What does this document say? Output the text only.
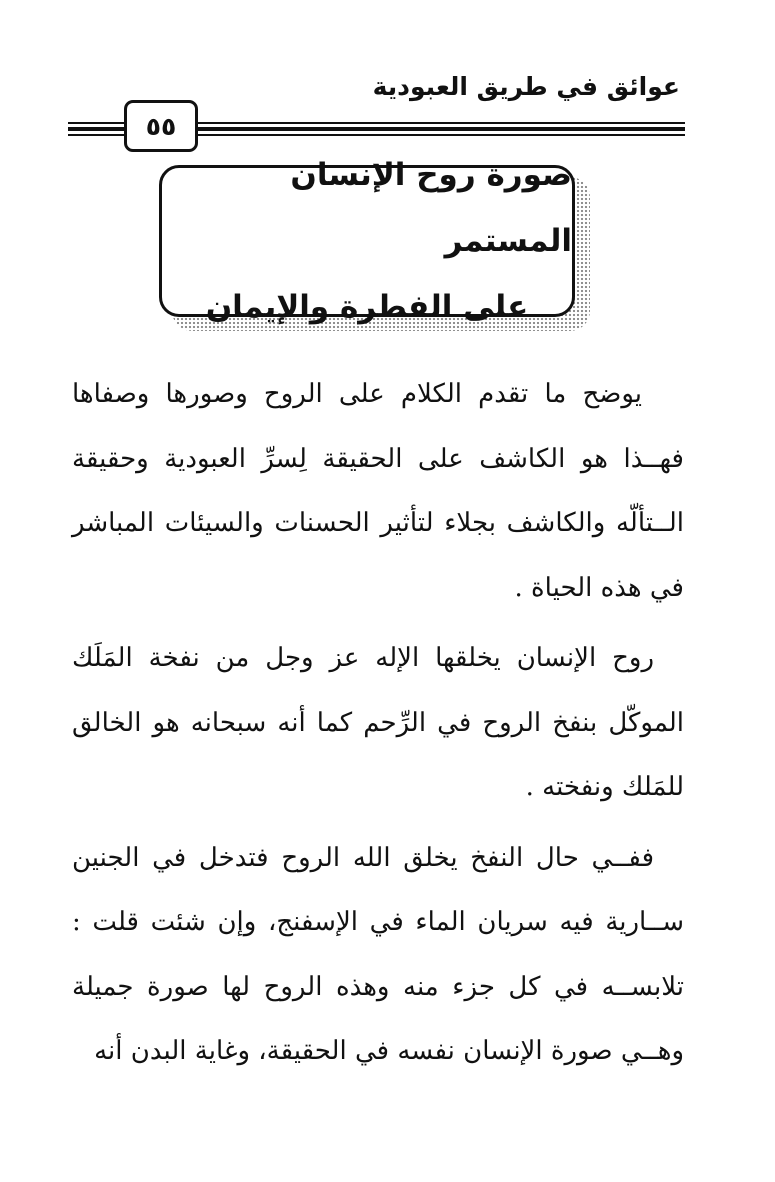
عوائق في طريق العبودية
٥٥
صورة روح الإنسان المستمر
على الفطرة والإيمان

يوضح ما تقدم الكلام على الروح وصورها وصفاها فهــذا هو الكاشف على الحقيقة لِسرِّ العبودية وحقيقة الــتألّه والكاشف بجلاء لتأثير الحسنات والسيئات المباشر في هذه الحياة .

روح الإنسان يخلقها الإله عز وجل من نفخة المَلَك الموكّل بنفخ الروح في الرِّحم كما أنه سبحانه هو الخالق للمَلك ونفخته .

ففــي حال النفخ يخلق الله الروح فتدخل في الجنين ســارية فيه سريان الماء في الإسفنج، وإن شئت قلت : تلابســه في كل جزء منه وهذه الروح لها صورة جميلة وهــي صورة الإنسان نفسه في الحقيقة، وغاية البدن أنه
